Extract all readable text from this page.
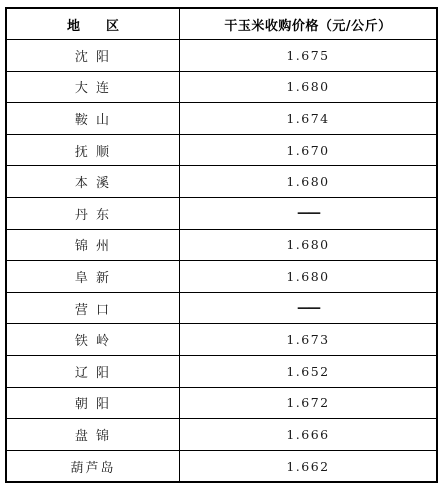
地区	干玉米收购价格（元/公斤）
沈 阳	1.675
大 连	1.680
鞍 山	1.674
抚 顺	1.670
本 溪	1.680
丹 东	——
锦 州	1.680
阜 新	1.680
营 口	——
铁 岭	1.673
辽 阳	1.652
朝 阳	1.672
盘 锦	1.666
葫芦岛	1.662
